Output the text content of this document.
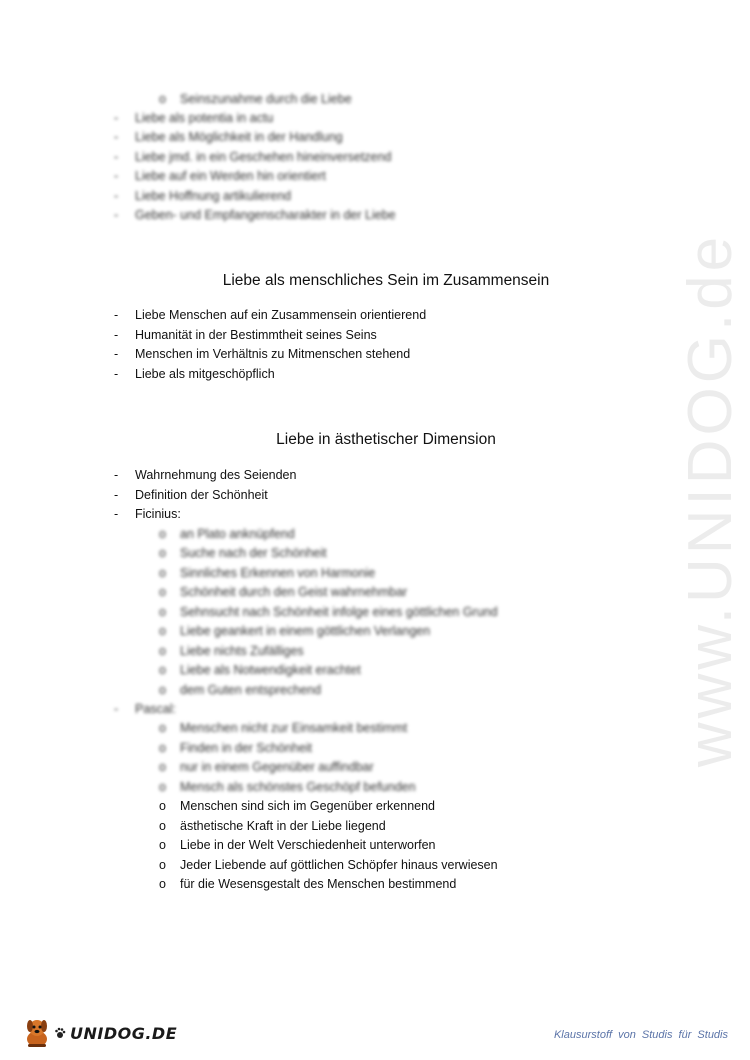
www.UNIDOG.de
o Seinszunahme durch die Liebe
- Liebe als potentia in actu
- Liebe als Möglichkeit in der Handlung
- Liebe jmd. in ein Geschehen hineinversetzend
- Liebe auf ein Werden hin orientiert
- Liebe Hoffnung artikulierend
- Geben- und Empfangenscharakter in der Liebe
Liebe als menschliches Sein im Zusammensein
- Liebe Menschen auf ein Zusammensein orientierend
- Humanität in der Bestimmtheit seines Seins
- Menschen im Verhältnis zu Mitmenschen stehend
- Liebe als mitgeschöpflich
Liebe in ästhetischer Dimension
- Wahrnehmung des Seienden
- Definition der Schönheit
- Ficinius:
o an Plato anknüpfend
o Suche nach der Schönheit
o Sinnliches Erkennen von Harmonie
o Schönheit durch den Geist wahrnehmbar
o Sehnsucht nach Schönheit infolge eines göttlichen Grund
o Liebe geankert in einem göttlichen Verlangen
o Liebe nichts Zufälliges
o Liebe als Notwendigkeit erachtet
o dem Guten entsprechend
- Pascal:
o Menschen nicht zur Einsamkeit bestimmt
o Finden in der Schönheit
o nur in einem Gegenüber auffindbar
o Mensch als schönstes Geschöpf befunden
o Menschen sind sich im Gegenüber erkennend
o ästhetische Kraft in der Liebe liegend
o Liebe in der Welt Verschiedenheit unterworfen
o Jeder Liebende auf göttlichen Schöpfer hinaus verwiesen
o für die Wesensgestalt des Menschen bestimmend
UNIDOG.DE	Klausurstoff von Studis für Studis
